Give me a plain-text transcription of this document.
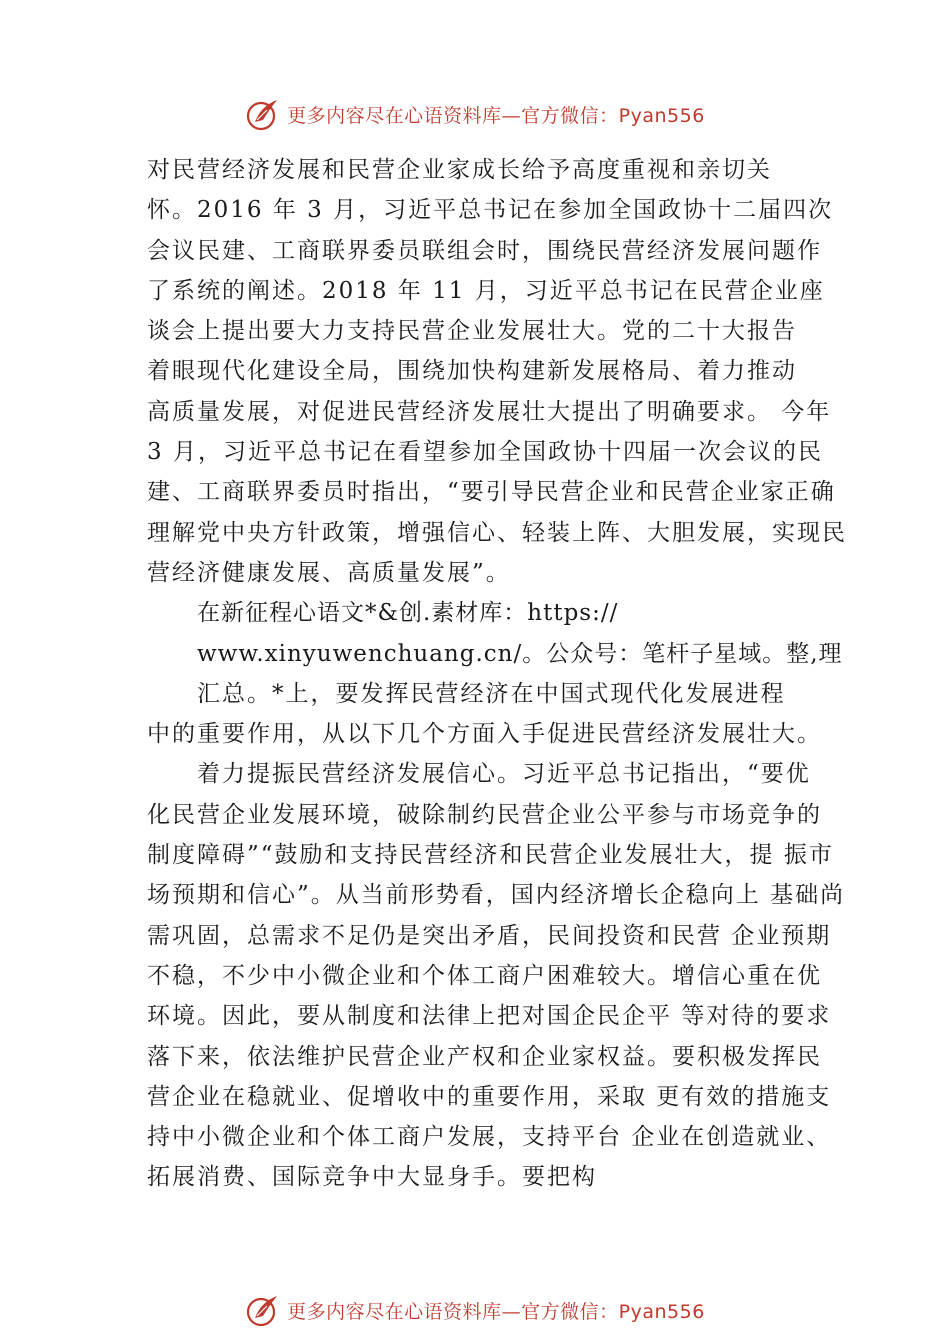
更多内容尽在心语资料库—官方微信：Pyan556
对民营经济发展和民营企业家成长给予高度重视和亲切关
怀。2016 年 3 月，习近平总书记在参加全国政协十二届四次
会议民建、工商联界委员联组会时，围绕民营经济发展问题作
了系统的阐述。2018 年 11 月，习近平总书记在民营企业座
谈会上提出要大力支持民营企业发展壮大。党的二十大报告
着眼现代化建设全局，围绕加快构建新发展格局、着力推动
高质量发展，对促进民营经济发展壮大提出了明确要求。 今年
3 月，习近平总书记在看望参加全国政协十四届一次会议的民
建、工商联界委员时指出，“要引导民营企业和民营企业家正确
理解党中央方针政策，增强信心、轻装上阵、大胆发展，实现民
营经济健康发展、高质量发展”。
在新征程心语文*&创.素材库：https://
www.xinyuwenchuang.cn/。公众号：笔杆子星域。整,理
汇总。*上，要发挥民营经济在中国式现代化发展进程
中的重要作用，从以下几个方面入手促进民营经济发展壮大。
着力提振民营经济发展信心。习近平总书记指出，“要优
化民营企业发展环境，破除制约民营企业公平参与市场竞争的
制度障碍”“鼓励和支持民营经济和民营企业发展壮大，提 振市
场预期和信心”。从当前形势看，国内经济增长企稳向上 基础尚
需巩固，总需求不足仍是突出矛盾，民间投资和民营 企业预期
不稳，不少中小微企业和个体工商户困难较大。增信心重在优
环境。因此，要从制度和法律上把对国企民企平 等对待的要求
落下来，依法维护民营企业产权和企业家权益。要积极发挥民
营企业在稳就业、促增收中的重要作用，采取 更有效的措施支
持中小微企业和个体工商户发展，支持平台 企业在创造就业、
拓展消费、国际竞争中大显身手。要把构
更多内容尽在心语资料库—官方微信：Pyan556
